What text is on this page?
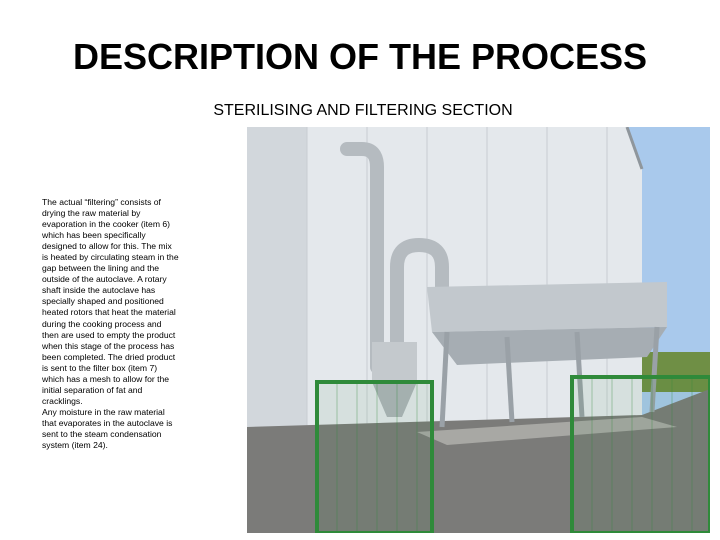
DESCRIPTION OF THE PROCESS
STERILISING AND FILTERING SECTION
The actual “filtering” consists of
drying the raw material by
evaporation in the cooker (item 6)
which has been specifically
designed to allow for this. The mix
is heated by circulating steam in the
gap between the lining and the
outside of the autoclave. A rotary
shaft inside the autoclave has
specially shaped and positioned
heated rotors that heat the material
during the cooking process and
then are used to empty the product
when this stage of the process has
been completed. The dried product
is sent to the filter box (item 7)
which has a mesh to allow for the
initial separation of fat and
cracklings.
Any moisture in the raw material
that evaporates in the autoclave is
sent to the steam condensation
system (item 24).
